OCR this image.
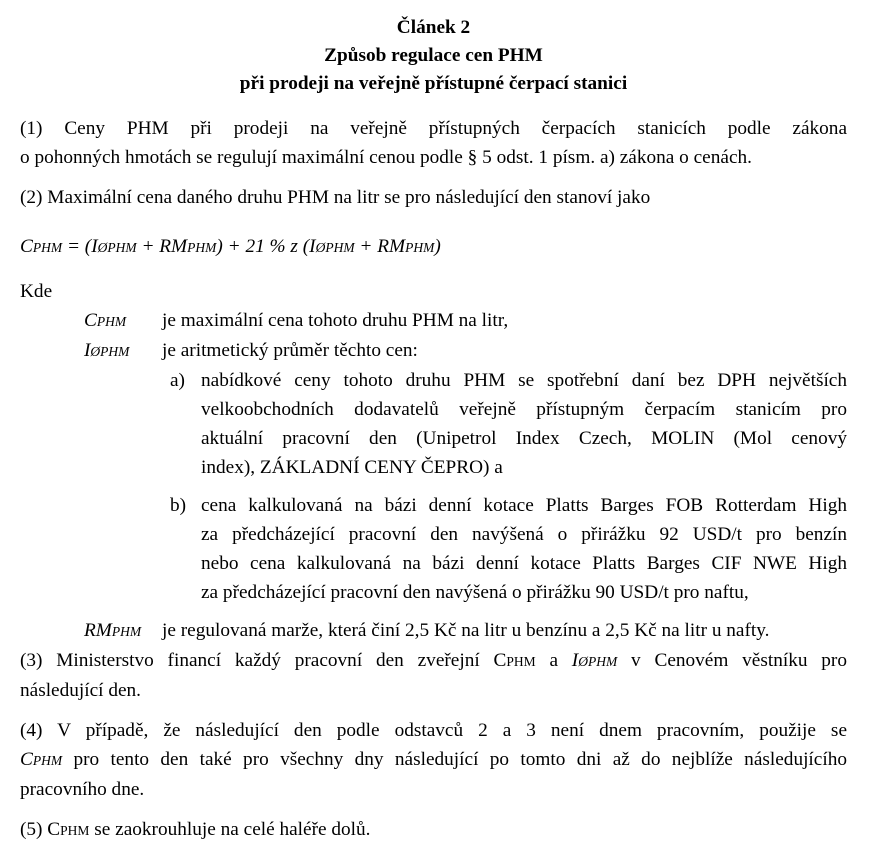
Článek 2
Způsob regulace cen PHM
při prodeji na veřejně přístupné čerpací stanici
(1) Ceny PHM při prodeji na veřejně přístupných čerpacích stanicích podle zákona
o pohonných hmotách se regulují maximální cenou podle § 5 odst. 1 písm. a) zákona o cenách.
(2) Maximální cena daného druhu PHM na litr se pro následující den stanoví jako
CPHM = (IØPHM + RMPHM) + 21 % z (IØPHM + RMPHM)
Kde
CPHM	je maximální cena tohoto druhu PHM na litr,
IØPHM	je aritmetický průměr těchto cen:
a) nabídkové ceny tohoto druhu PHM se spotřební daní bez DPH největších
velkoobchodních dodavatelů veřejně přístupným čerpacím stanicím pro
aktuální pracovní den (Unipetrol Index Czech, MOLIN (Mol cenový
index), ZÁKLADNÍ CENY ČEPRO) a
b) cena kalkulovaná na bázi denní kotace Platts Barges FOB Rotterdam High
za předcházející pracovní den navýšená o přirážku 92 USD/t pro benzín
nebo cena kalkulovaná na bázi denní kotace Platts Barges CIF NWE High
za předcházející pracovní den navýšená o přirážku 90 USD/t pro naftu,
RMPHM	je regulovaná marže, která činí 2,5 Kč na litr u benzínu a 2,5 Kč na litr u nafty.
(3) Ministerstvo financí každý pracovní den zveřejní CPHM a IØPHM v Cenovém věstníku pro
následující den.
(4) V případě, že následující den podle odstavců 2 a 3 není dnem pracovním, použije se
CPHM pro tento den také pro všechny dny následující po tomto dni až do nejblíže následujícího
pracovního dne.
(5) CPHM se zaokrouhluje na celé haléře dolů.
